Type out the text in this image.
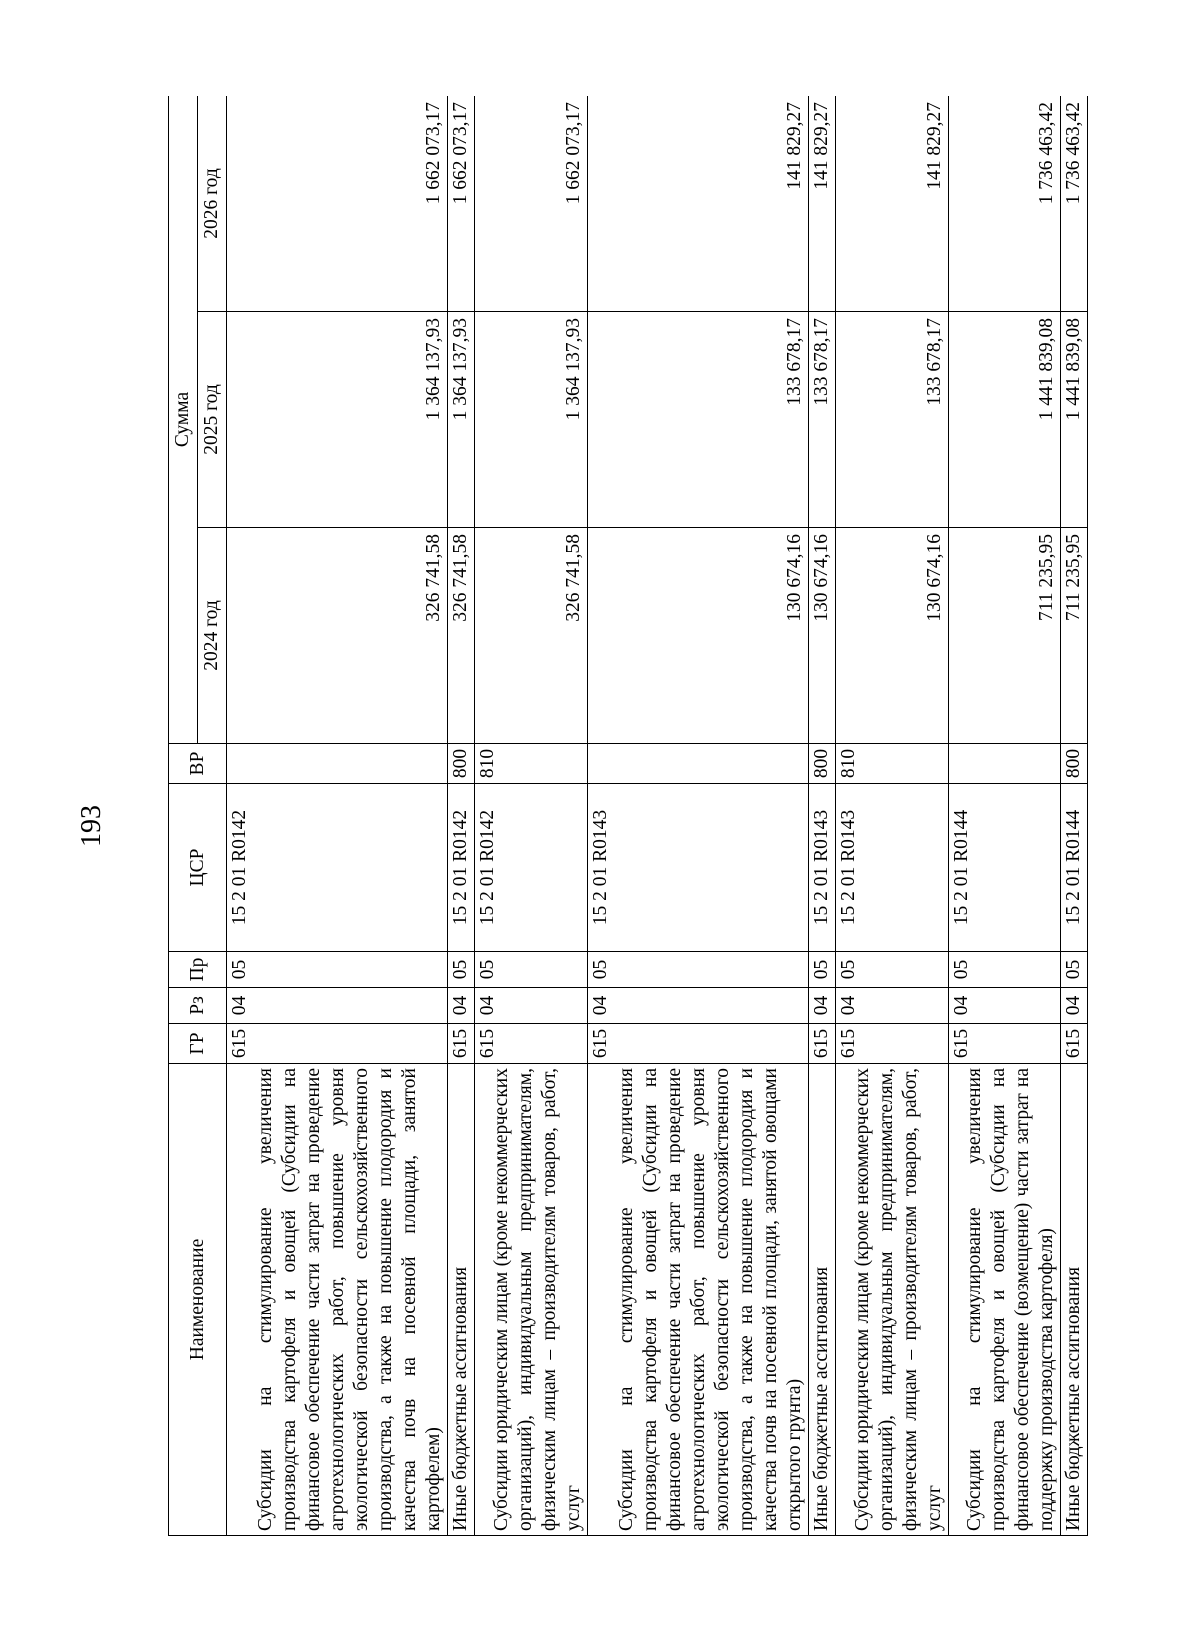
193
Наименование	ГР	Рз	Пр	ЦСР	ВР	Сумма		
						2024 год	2025 год	2026 год
Субсидии на стимулирование увеличения производства картофеля и овощей (Субсидии на финансовое обеспечение части затрат на проведение агротехнологических работ, повышение уровня экологической безопасности сельскохозяйственного производства, а также на повышение плодородия и качества почв на посевной площади, занятой картофелем)	615	04	05	15 2 01 R0142		326 741,58	1 364 137,93	1 662 073,17
Иные бюджетные ассигнования	615	04	05	15 2 01 R0142	800	326 741,58	1 364 137,93	1 662 073,17
Субсидии юридическим лицам (кроме некоммерческих организаций), индивидуальным предпринимателям, физическим лицам – производителям товаров, работ, услуг	615	04	05	15 2 01 R0142	810	326 741,58	1 364 137,93	1 662 073,17
Субсидии на стимулирование увеличения производства картофеля и овощей (Субсидии на финансовое обеспечение части затрат на проведение агротехнологических работ, повышение уровня экологической безопасности сельскохозяйственного производства, а также на повышение плодородия и качества почв на посевной площади, занятой овощами открытого грунта)	615	04	05	15 2 01 R0143		130 674,16	133 678,17	141 829,27
Иные бюджетные ассигнования	615	04	05	15 2 01 R0143	800	130 674,16	133 678,17	141 829,27
Субсидии юридическим лицам (кроме некоммерческих организаций), индивидуальным предпринимателям, физическим лицам – производителям товаров, работ, услуг	615	04	05	15 2 01 R0143	810	130 674,16	133 678,17	141 829,27
Субсидии на стимулирование увеличения производства картофеля и овощей (Субсидии на финансовое обеспечение (возмещение) части затрат на поддержку производства картофеля)	615	04	05	15 2 01 R0144		711 235,95	1 441 839,08	1 736 463,42
Иные бюджетные ассигнования	615	04	05	15 2 01 R0144	800	711 235,95	1 441 839,08	1 736 463,42
